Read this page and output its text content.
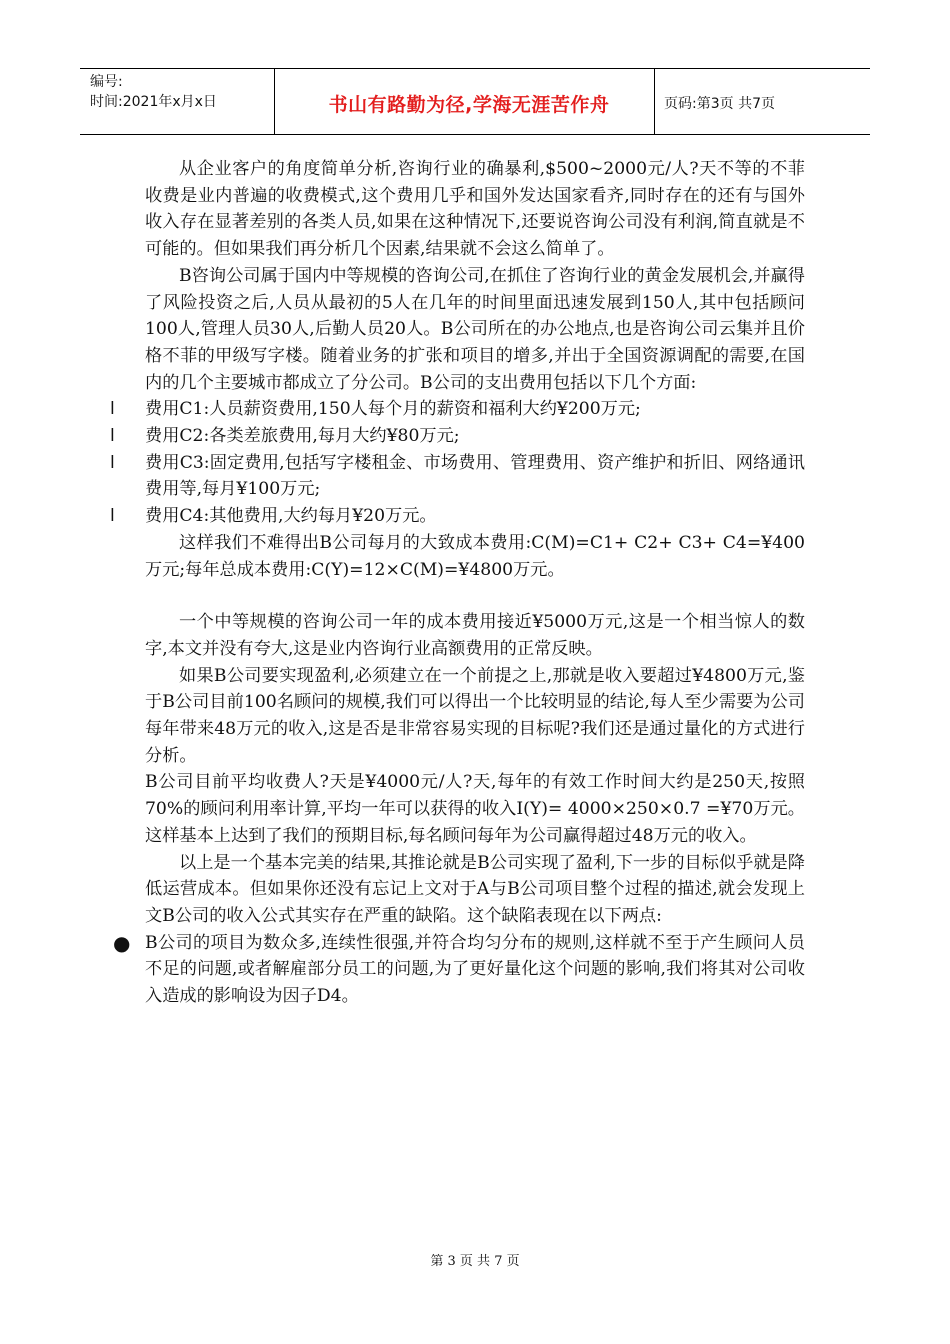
编号:
时间:2021年x月x日	书山有路勤为径,学海无涯苦作舟	页码:第3页 共7页

从企业客户的角度简单分析,咨询行业的确暴利,$500~2000元/人?天不等的不菲收费是业内普遍的收费模式,这个费用几乎和国外发达国家看齐,同时存在的还有与国外收入存在显著差别的各类人员,如果在这种情况下,还要说咨询公司没有利润,简直就是不可能的。但如果我们再分析几个因素,结果就不会这么简单了。

B咨询公司属于国内中等规模的咨询公司,在抓住了咨询行业的黄金发展机会,并赢得了风险投资之后,人员从最初的5人在几年的时间里面迅速发展到150人,其中包括顾问100人,管理人员30人,后勤人员20人。B公司所在的办公地点,也是咨询公司云集并且价格不菲的甲级写字楼。随着业务的扩张和项目的增多,并出于全国资源调配的需要,在国内的几个主要城市都成立了分公司。B公司的支出费用包括以下几个方面:

l 费用C1:人员薪资费用,150人每个月的薪资和福利大约¥200万元;

l 费用C2:各类差旅费用,每月大约¥80万元;

l 费用C3:固定费用,包括写字楼租金、市场费用、管理费用、资产维护和折旧、网络通讯费用等,每月¥100万元;

l 费用C4:其他费用,大约每月¥20万元。

这样我们不难得出B公司每月的大致成本费用:C(M)=C1+ C2+ C3+ C4=¥400万元;每年总成本费用:C(Y)=12×C(M)=¥4800万元。

一个中等规模的咨询公司一年的成本费用接近¥5000万元,这是一个相当惊人的数字,本文并没有夸大,这是业内咨询行业高额费用的正常反映。

如果B公司要实现盈利,必须建立在一个前提之上,那就是收入要超过¥4800万元,鉴于B公司目前100名顾问的规模,我们可以得出一个比较明显的结论,每人至少需要为公司每年带来48万元的收入,这是否是非常容易实现的目标呢?我们还是通过量化的方式进行分析。

B公司目前平均收费人?天是¥4000元/人?天,每年的有效工作时间大约是250天,按照70%的顾问利用率计算,平均一年可以获得的收入I(Y)= 4000×250×0.7 =¥70万元。这样基本上达到了我们的预期目标,每名顾问每年为公司赢得超过48万元的收入。

以上是一个基本完美的结果,其推论就是B公司实现了盈利,下一步的目标似乎就是降低运营成本。但如果你还没有忘记上文对于A与B公司项目整个过程的描述,就会发现上文B公司的收入公式其实存在严重的缺陷。这个缺陷表现在以下两点:

● B公司的项目为数众多,连续性很强,并符合均匀分布的规则,这样就不至于产生顾问人员不足的问题,或者解雇部分员工的问题,为了更好量化这个问题的影响,我们将其对公司收入造成的影响设为因子D4。

第 3 页 共 7 页
